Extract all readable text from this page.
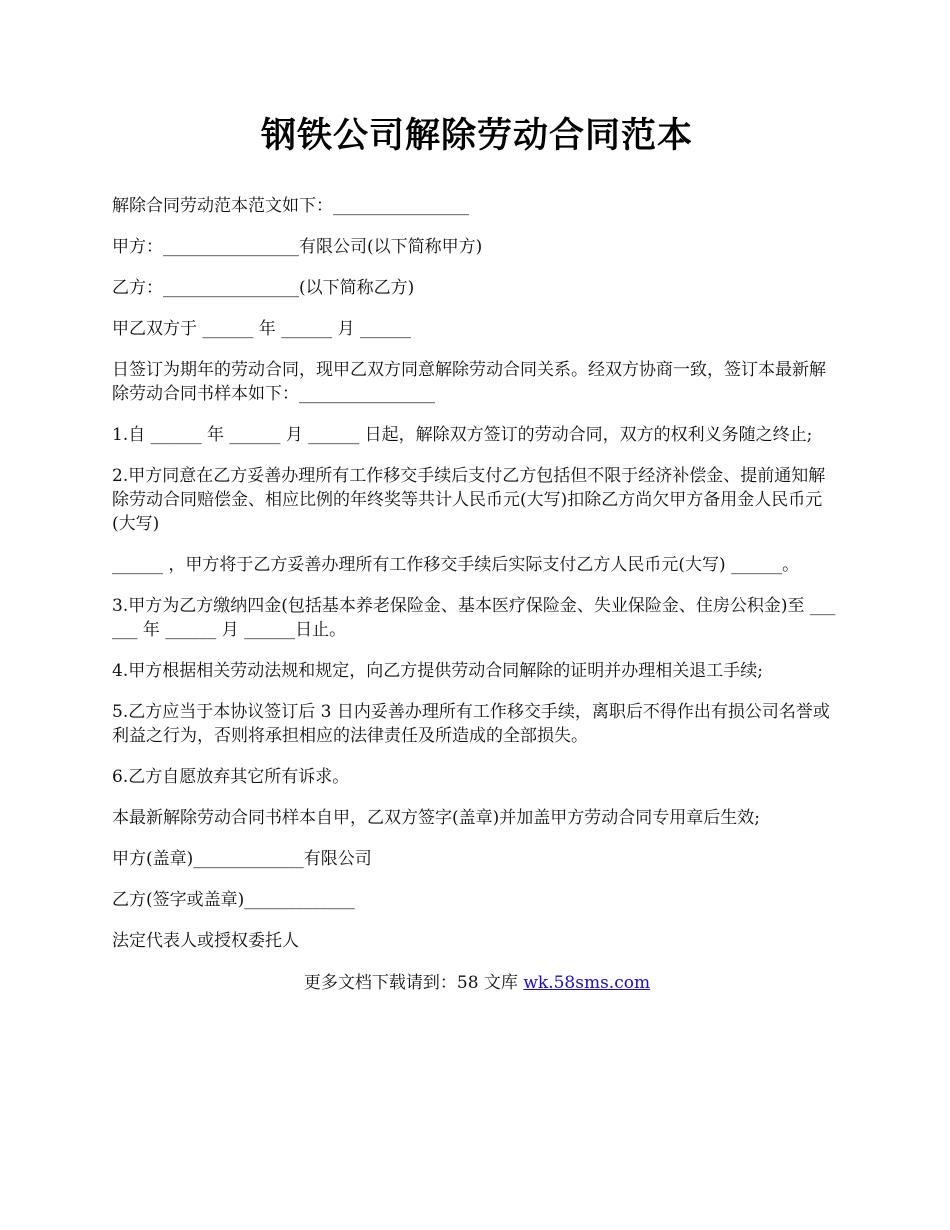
钢铁公司解除劳动合同范本

解除合同劳动范本范文如下：________________

甲方：________________有限公司(以下简称甲方)

乙方：________________(以下简称乙方)

甲乙双方于 ______ 年 ______ 月 ______

日签订为期年的劳动合同，现甲乙双方同意解除劳动合同关系。经双方协商一致，签订本最新解除劳动合同书样本如下：________________

1.自 ______ 年 ______ 月 ______ 日起，解除双方签订的劳动合同，双方的权利义务随之终止;

2.甲方同意在乙方妥善办理所有工作移交手续后支付乙方包括但不限于经济补偿金、提前通知解除劳动合同赔偿金、相应比例的年终奖等共计人民币元(大写)扣除乙方尚欠甲方备用金人民币元(大写)

______ ，甲方将于乙方妥善办理所有工作移交手续后实际支付乙方人民币元(大写) ______。

3.甲方为乙方缴纳四金(包括基本养老保险金、基本医疗保险金、失业保险金、住房公积金)至 ______ 年 ______ 月 ______日止。

4.甲方根据相关劳动法规和规定，向乙方提供劳动合同解除的证明并办理相关退工手续;

5.乙方应当于本协议签订后 3 日内妥善办理所有工作移交手续，离职后不得作出有损公司名誉或利益之行为，否则将承担相应的法律责任及所造成的全部损失。

6.乙方自愿放弃其它所有诉求。

本最新解除劳动合同书样本自甲，乙双方签字(盖章)并加盖甲方劳动合同专用章后生效;

甲方(盖章)_____________有限公司

乙方(签字或盖章)_____________

法定代表人或授权委托人

更多文档下载请到：58 文库 wk.58sms.com
